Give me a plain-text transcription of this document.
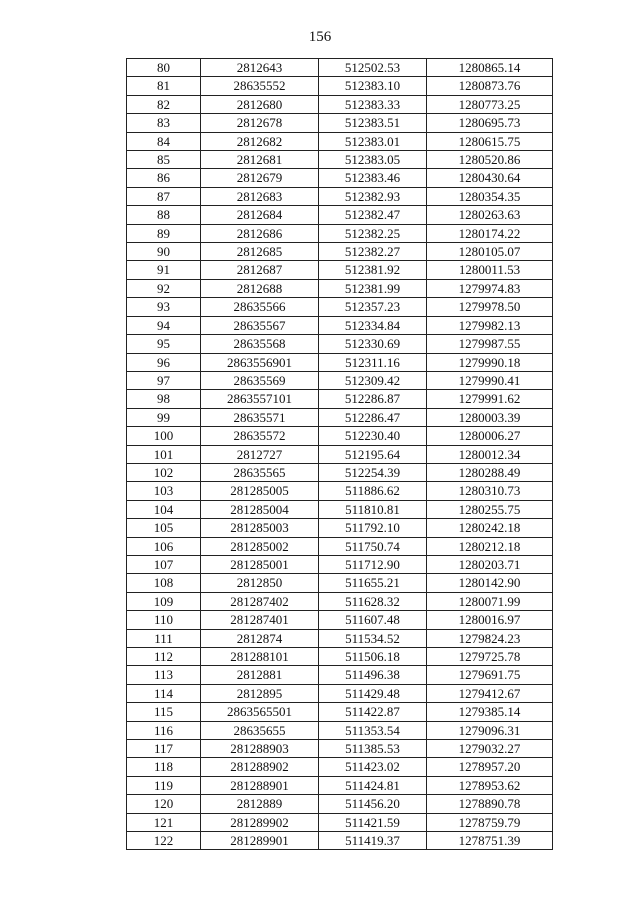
156
80	2812643	512502.53	1280865.14
81	28635552	512383.10	1280873.76
82	2812680	512383.33	1280773.25
83	2812678	512383.51	1280695.73
84	2812682	512383.01	1280615.75
85	2812681	512383.05	1280520.86
86	2812679	512383.46	1280430.64
87	2812683	512382.93	1280354.35
88	2812684	512382.47	1280263.63
89	2812686	512382.25	1280174.22
90	2812685	512382.27	1280105.07
91	2812687	512381.92	1280011.53
92	2812688	512381.99	1279974.83
93	28635566	512357.23	1279978.50
94	28635567	512334.84	1279982.13
95	28635568	512330.69	1279987.55
96	2863556901	512311.16	1279990.18
97	28635569	512309.42	1279990.41
98	2863557101	512286.87	1279991.62
99	28635571	512286.47	1280003.39
100	28635572	512230.40	1280006.27
101	2812727	512195.64	1280012.34
102	28635565	512254.39	1280288.49
103	281285005	511886.62	1280310.73
104	281285004	511810.81	1280255.75
105	281285003	511792.10	1280242.18
106	281285002	511750.74	1280212.18
107	281285001	511712.90	1280203.71
108	2812850	511655.21	1280142.90
109	281287402	511628.32	1280071.99
110	281287401	511607.48	1280016.97
111	2812874	511534.52	1279824.23
112	281288101	511506.18	1279725.78
113	2812881	511496.38	1279691.75
114	2812895	511429.48	1279412.67
115	2863565501	511422.87	1279385.14
116	28635655	511353.54	1279096.31
117	281288903	511385.53	1279032.27
118	281288902	511423.02	1278957.20
119	281288901	511424.81	1278953.62
120	2812889	511456.20	1278890.78
121	281289902	511421.59	1278759.79
122	281289901	511419.37	1278751.39
